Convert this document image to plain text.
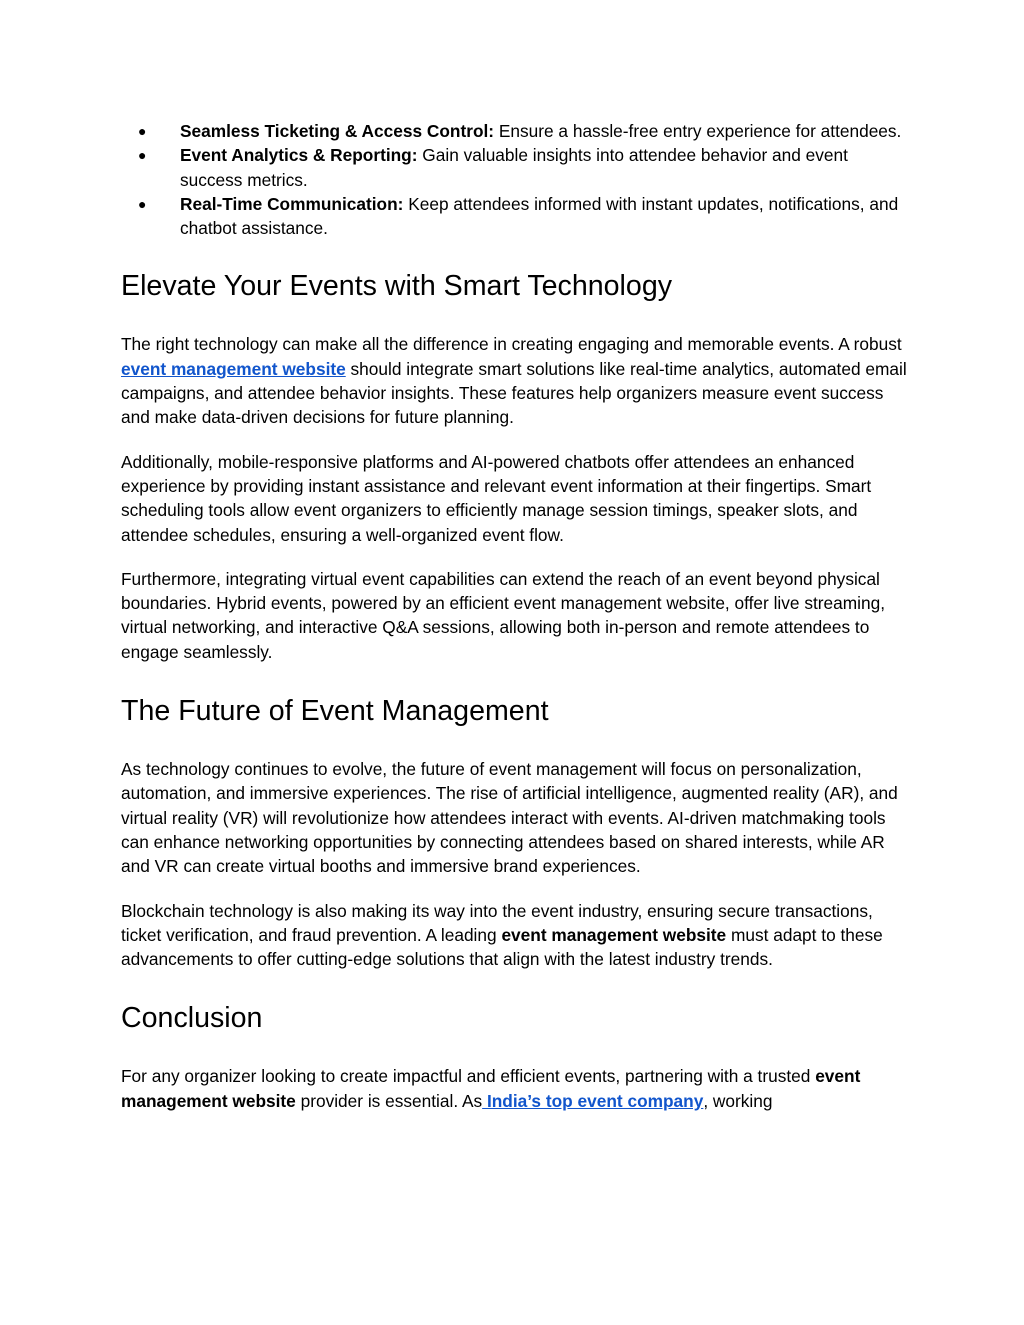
● Seamless Ticketing & Access Control: Ensure a hassle-free entry experience for attendees.
● Event Analytics & Reporting: Gain valuable insights into attendee behavior and event success metrics.
● Real-Time Communication: Keep attendees informed with instant updates, notifications, and chatbot assistance.
Elevate Your Events with Smart Technology

The right technology can make all the difference in creating engaging and memorable events. A robust event management website should integrate smart solutions like real-time analytics, automated email campaigns, and attendee behavior insights. These features help organizers measure event success and make data-driven decisions for future planning.

Additionally, mobile-responsive platforms and AI-powered chatbots offer attendees an enhanced experience by providing instant assistance and relevant event information at their fingertips. Smart scheduling tools allow event organizers to efficiently manage session timings, speaker slots, and attendee schedules, ensuring a well-organized event flow.

Furthermore, integrating virtual event capabilities can extend the reach of an event beyond physical boundaries. Hybrid events, powered by an efficient event management website, offer live streaming, virtual networking, and interactive Q&A sessions, allowing both in-person and remote attendees to engage seamlessly.

The Future of Event Management

As technology continues to evolve, the future of event management will focus on personalization, automation, and immersive experiences. The rise of artificial intelligence, augmented reality (AR), and virtual reality (VR) will revolutionize how attendees interact with events. AI-driven matchmaking tools can enhance networking opportunities by connecting attendees based on shared interests, while AR and VR can create virtual booths and immersive brand experiences.

Blockchain technology is also making its way into the event industry, ensuring secure transactions, ticket verification, and fraud prevention. A leading event management website must adapt to these advancements to offer cutting-edge solutions that align with the latest industry trends.

Conclusion

For any organizer looking to create impactful and efficient events, partnering with a trusted event management website provider is essential. As India’s top event company, working
